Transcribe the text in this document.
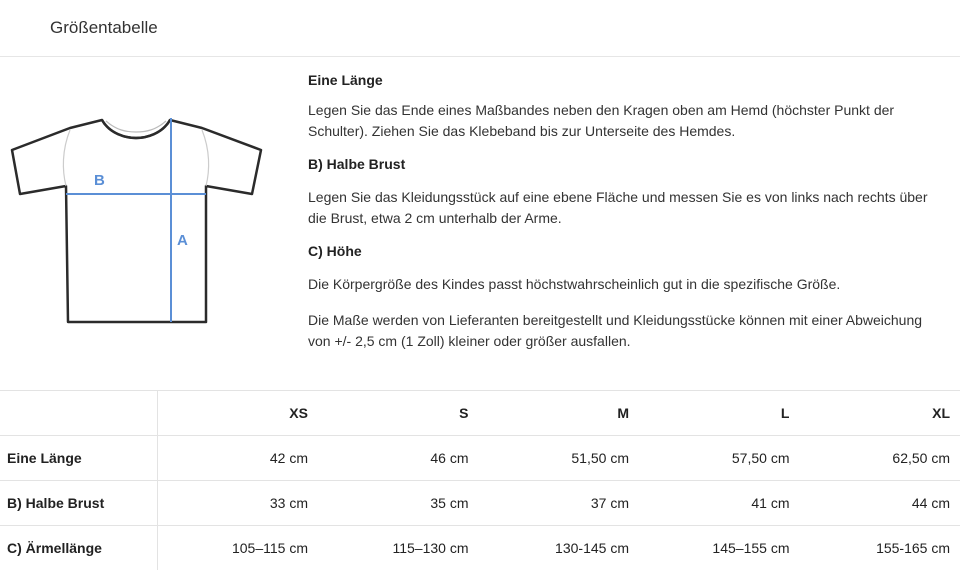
Größentabelle
B
A
Eine Länge

Legen Sie das Ende eines Maßbandes neben den Kragen oben am Hemd (höchster Punkt der Schulter). Ziehen Sie das Klebeband bis zur Unterseite des Hemdes.

B) Halbe Brust

Legen Sie das Kleidungsstück auf eine ebene Fläche und messen Sie es von links nach rechts über die Brust, etwa 2 cm unterhalb der Arme.

C) Höhe

Die Körpergröße des Kindes passt höchstwahrscheinlich gut in die spezifische Größe.

Die Maße werden von Lieferanten bereitgestellt und Kleidungsstücke können mit einer Abweichung von +/- 2,5 cm (1 Zoll) kleiner oder größer ausfallen.

	XS	S	M	L	XL
Eine Länge	42 cm	46 cm	51,50 cm	57,50 cm	62,50 cm
B) Halbe Brust	33 cm	35 cm	37 cm	41 cm	44 cm
C) Ärmellänge	105–115 cm	115–130 cm	130-145 cm	145–155 cm	155-165 cm
